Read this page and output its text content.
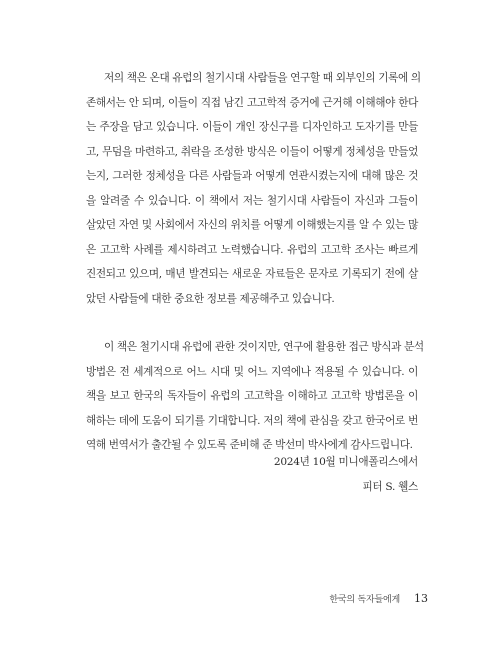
저의 책은 온대 유럽의 철기시대 사람들을 연구할 때 외부인의 기록에 의
존해서는 안 되며, 이들이 직접 남긴 고고학적 증거에 근거해 이해해야 한다
는 주장을 담고 있습니다. 이들이 개인 장신구를 디자인하고 도자기를 만들
고, 무덤을 마련하고, 취락을 조성한 방식은 이들이 어떻게 정체성을 만들었
는지, 그러한 정체성을 다른 사람들과 어떻게 연관시켰는지에 대해 많은 것
을 알려줄 수 있습니다. 이 책에서 저는 철기시대 사람들이 자신과 그들이
살았던 자연 및 사회에서 자신의 위치를 어떻게 이해했는지를 알 수 있는 많
은 고고학 사례를 제시하려고 노력했습니다. 유럽의 고고학 조사는 빠르게
진전되고 있으며, 매년 발견되는 새로운 자료들은 문자로 기록되기 전에 살
았던 사람들에 대한 중요한 정보를 제공해주고 있습니다.
이 책은 철기시대 유럽에 관한 것이지만, 연구에 활용한 접근 방식과 분석
방법은 전 세계적으로 어느 시대 및 어느 지역에나 적용될 수 있습니다. 이
책을 보고 한국의 독자들이 유럽의 고고학을 이해하고 고고학 방법론을 이
해하는 데에 도움이 되기를 기대합니다. 저의 책에 관심을 갖고 한국어로 번
역해 번역서가 출간될 수 있도록 준비해 준 박선미 박사에게 감사드립니다.
2024년 10월 미니애폴리스에서
피터 S. 웰스
한국의 독자들에게 13
